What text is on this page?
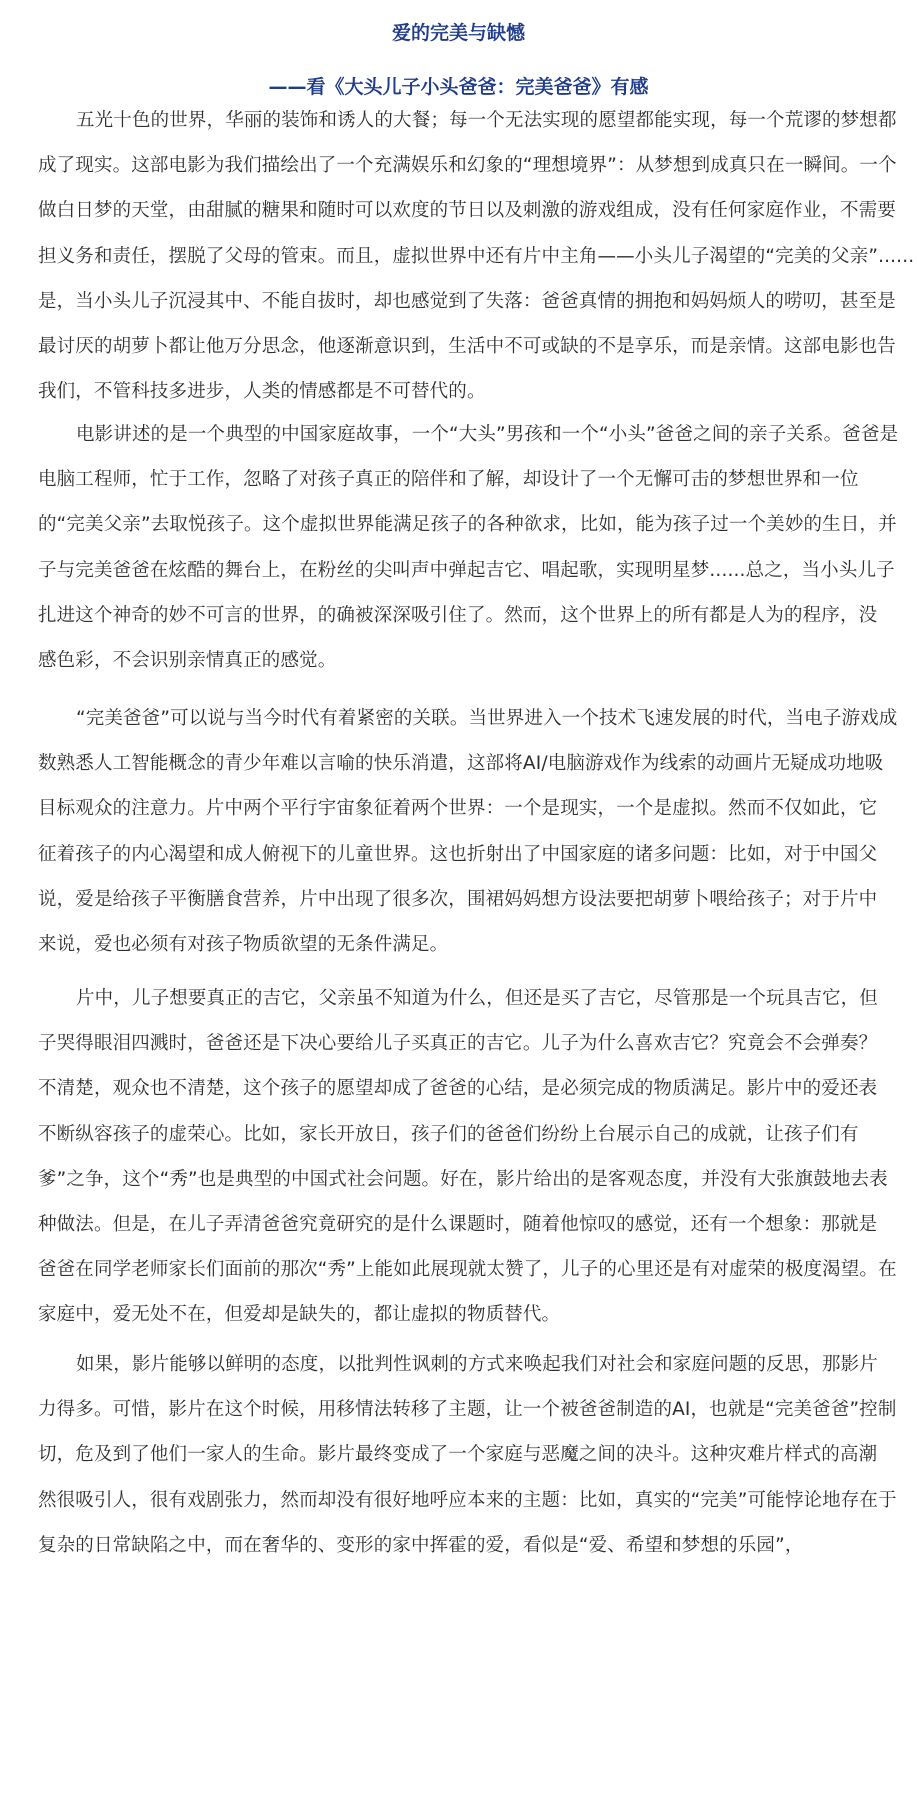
爱的完美与缺憾
——看《大头儿子小头爸爸：完美爸爸》有感
五光十色的世界，华丽的装饰和诱人的大餐；每一个无法实现的愿望都能实现，每一个荒谬的梦想都
成了现实。这部电影为我们描绘出了一个充满娱乐和幻象的“理想境界”：从梦想到成真只在一瞬间。一个
做白日梦的天堂，由甜腻的糖果和随时可以欢度的节日以及刺激的游戏组成，没有任何家庭作业，不需要
担义务和责任，摆脱了父母的管束。而且，虚拟世界中还有片中主角——小头儿子渴望的“完美的父亲”......
是，当小头儿子沉浸其中、不能自拔时，却也感觉到了失落：爸爸真情的拥抱和妈妈烦人的唠叨，甚至是
最讨厌的胡萝卜都让他万分思念，他逐渐意识到，生活中不可或缺的不是享乐，而是亲情。这部电影也告
我们，不管科技多进步，人类的情感都是不可替代的。
电影讲述的是一个典型的中国家庭故事，一个“大头”男孩和一个“小头”爸爸之间的亲子关系。爸爸是
电脑工程师，忙于工作，忽略了对孩子真正的陪伴和了解，却设计了一个无懈可击的梦想世界和一位
的“完美父亲”去取悦孩子。这个虚拟世界能满足孩子的各种欲求，比如，能为孩子过一个美妙的生日，并
子与完美爸爸在炫酷的舞台上，在粉丝的尖叫声中弹起吉它、唱起歌，实现明星梦......总之，当小头儿子
扎进这个神奇的妙不可言的世界，的确被深深吸引住了。然而，这个世界上的所有都是人为的程序，没
感色彩，不会识别亲情真正的感觉。
“完美爸爸”可以说与当今时代有着紧密的关联。当世界进入一个技术飞速发展的时代，当电子游戏成
数熟悉人工智能概念的青少年难以言喻的快乐消遣，这部将AI/电脑游戏作为线索的动画片无疑成功地吸
目标观众的注意力。片中两个平行宇宙象征着两个世界：一个是现实，一个是虚拟。然而不仅如此，它
征着孩子的内心渴望和成人俯视下的儿童世界。这也折射出了中国家庭的诸多问题：比如，对于中国父
说，爱是给孩子平衡膳食营养，片中出现了很多次，围裙妈妈想方设法要把胡萝卜喂给孩子；对于片中
来说，爱也必须有对孩子物质欲望的无条件满足。
片中，儿子想要真正的吉它，父亲虽不知道为什么，但还是买了吉它，尽管那是一个玩具吉它，但
子哭得眼泪四溅时，爸爸还是下决心要给儿子买真正的吉它。儿子为什么喜欢吉它？究竟会不会弹奏？
不清楚，观众也不清楚，这个孩子的愿望却成了爸爸的心结，是必须完成的物质满足。影片中的爱还表
不断纵容孩子的虚荣心。比如，家长开放日，孩子们的爸爸们纷纷上台展示自己的成就，让孩子们有
爹”之争，这个“秀”也是典型的中国式社会问题。好在，影片给出的是客观态度，并没有大张旗鼓地去表
种做法。但是，在儿子弄清爸爸究竟研究的是什么课题时，随着他惊叹的感觉，还有一个想象：那就是
爸爸在同学老师家长们面前的那次“秀”上能如此展现就太赞了，儿子的心里还是有对虚荣的极度渴望。在
家庭中，爱无处不在，但爱却是缺失的，都让虚拟的物质替代。
如果，影片能够以鲜明的态度，以批判性讽刺的方式来唤起我们对社会和家庭问题的反思，那影片
力得多。可惜，影片在这个时候，用移情法转移了主题，让一个被爸爸制造的AI，也就是“完美爸爸”控制
切，危及到了他们一家人的生命。影片最终变成了一个家庭与恶魔之间的决斗。这种灾难片样式的高潮
然很吸引人，很有戏剧张力，然而却没有很好地呼应本来的主题：比如，真实的“完美”可能悖论地存在于
复杂的日常缺陷之中，而在奢华的、变形的家中挥霍的爱，看似是“爱、希望和梦想的乐园”，
